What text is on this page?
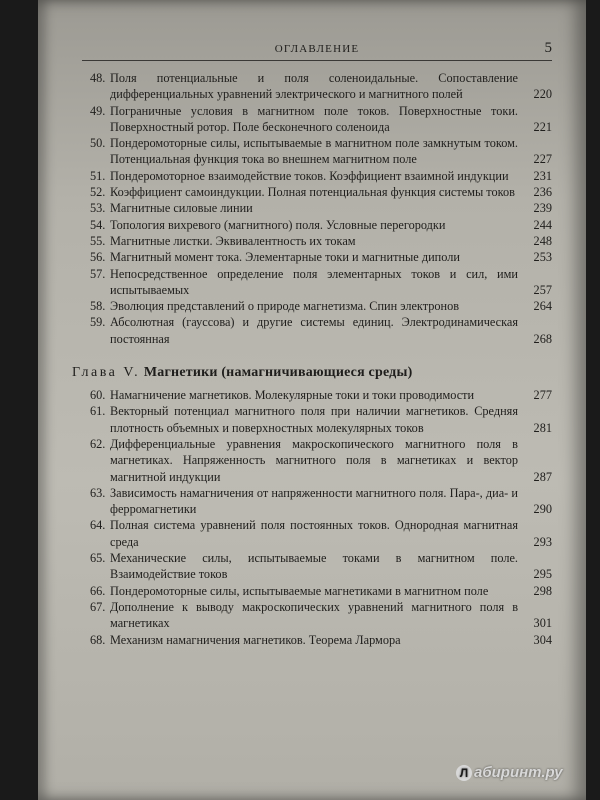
ОГЛАВЛЕНИЕ	5
48. Поля потенциальные и поля соленоидальные. Сопоставление дифференциальных уравнений электрического и магнитного полей	220
49. Пограничные условия в магнитном поле токов. Поверхностные токи. Поверхностный ротор. Поле бесконечного соленоида	221
50. Пондеромоторные силы, испытываемые в магнитном поле замкнутым током. Потенциальная функция тока во внешнем магнитном поле	227
51. Пондеромоторное взаимодействие токов. Коэффициент взаимной индукции	231
52. Коэффициент самоиндукции. Полная потенциальная функция системы токов	236
53. Магнитные силовые линии	239
54. Топология вихревого (магнитного) поля. Условные перегородки	244
55. Магнитные листки. Эквивалентность их токам	248
56. Магнитный момент тока. Элементарные токи и магнитные диполи	253
57. Непосредственное определение поля элементарных токов и сил, ими испытываемых	257
58. Эволюция представлений о природе магнетизма. Спин электронов	264
59. Абсолютная (гауссова) и другие системы единиц. Электродинамическая постоянная	268
Глава V. Магнетики (намагничивающиеся среды)
60. Намагничение магнетиков. Молекулярные токи и токи проводимости	277
61. Векторный потенциал магнитного поля при наличии магнетиков. Средняя плотность объемных и поверхностных молекулярных токов	281
62. Дифференциальные уравнения макроскопического магнитного поля в магнетиках. Напряженность магнитного поля в магнетиках и вектор магнитной индукции	287
63. Зависимость намагничения от напряженности магнитного поля. Пара-, диа- и ферромагнетики	290
64. Полная система уравнений поля постоянных токов. Однородная магнитная среда	293
65. Механические силы, испытываемые токами в магнитном поле. Взаимодействие токов	295
66. Пондеромоторные силы, испытываемые магнетиками в магнитном поле	298
67. Дополнение к выводу макроскопических уравнений магнитного поля в магнетиках	301
68. Механизм намагничения магнетиков. Теорема Лармора	304
Л абиринт.ру
